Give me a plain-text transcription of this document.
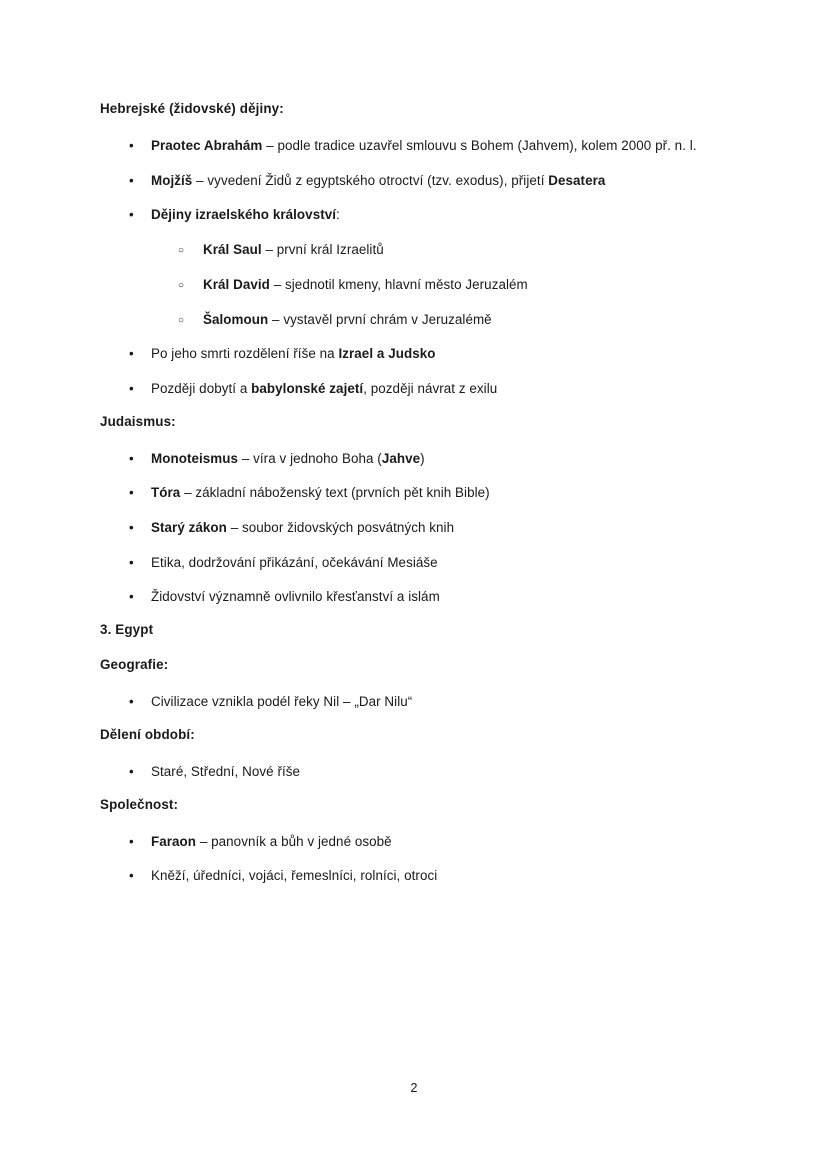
Hebrejské (židovské) dějiny:
• Praotec Abrahám – podle tradice uzavřel smlouvu s Bohem (Jahvem), kolem 2000 př. n. l.
• Mojžíš – vyvedení Židů z egyptského otroctví (tzv. exodus), přijetí Desatera
• Dějiny izraelského království:
○ Král Saul – první král Izraelitů
○ Král David – sjednotil kmeny, hlavní město Jeruzalém
○ Šalomoun – vystavěl první chrám v Jeruzalémě
• Po jeho smrti rozdělení říše na Izrael a Judsko
• Později dobytí a babylonské zajetí, později návrat z exilu
Judaismus:
• Monoteismus – víra v jednoho Boha (Jahve)
• Tóra – základní náboženský text (prvních pět knih Bible)
• Starý zákon – soubor židovských posvátných knih
• Etika, dodržování přikázání, očekávání Mesiáše
• Židovství významně ovlivnilo křesťanství a islám
3. Egypt
Geografie:
• Civilizace vznikla podél řeky Nil – „Dar Nilu“
Dělení období:
• Staré, Střední, Nové říše
Společnost:
• Faraon – panovník a bůh v jedné osobě
• Kněží, úředníci, vojáci, řemeslníci, rolníci, otroci
2
